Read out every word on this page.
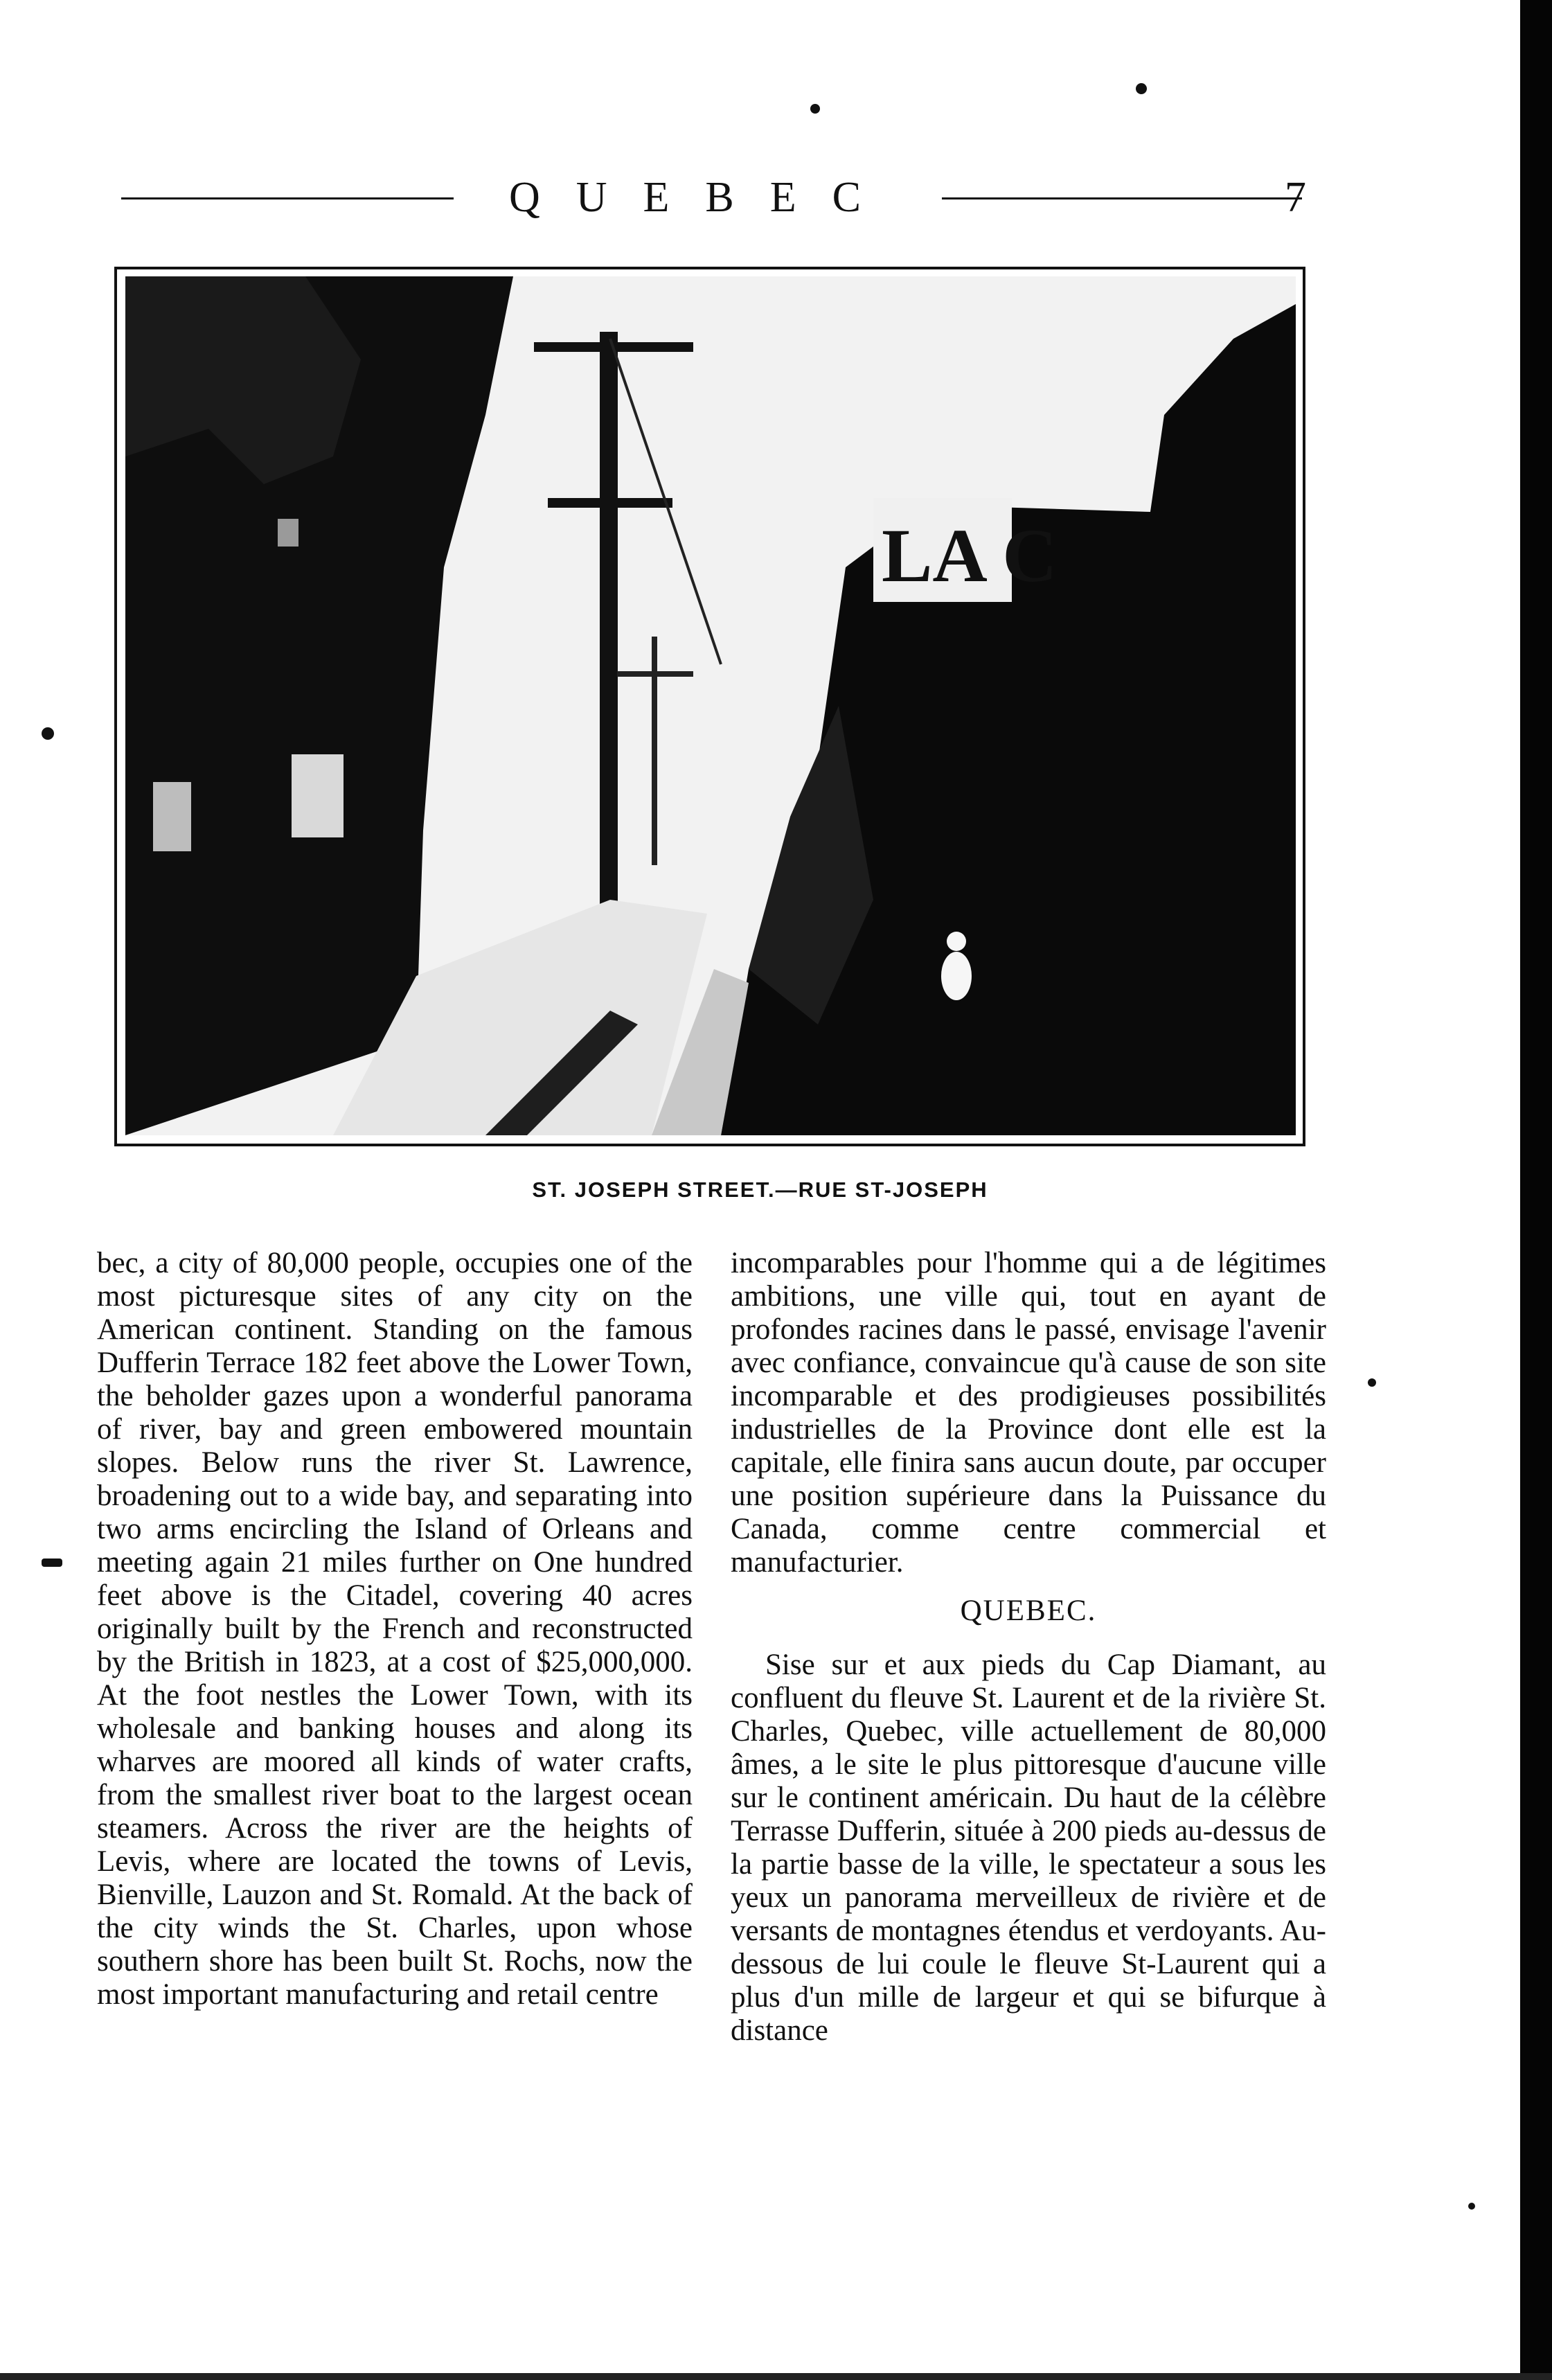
QUEBEC	7
LA C
ST. JOSEPH STREET.—RUE ST-JOSEPH

bec, a city of 80,000 people, occupies one of the most picturesque sites of any city on the American continent. Standing on the famous Dufferin Terrace 182 feet above the Lower Town, the beholder gazes upon a wonderful panorama of river, bay and green embowered mountain slopes. Below runs the river St. Lawrence, broadening out to a wide bay, and separating into two arms encircling the Island of Orleans and meeting again 21 miles further on One hundred feet above is the Citadel, covering 40 acres originally built by the French and reconstructed by the British in 1823, at a cost of $25,000,000. At the foot nestles the Lower Town, with its wholesale and banking houses and along its wharves are moored all kinds of water crafts, from the smallest river boat to the largest ocean steamers. Across the river are the heights of Levis, where are located the towns of Levis, Bienville, Lauzon and St. Romald. At the back of the city winds the St. Charles, upon whose southern shore has been built St. Rochs, now the most important manufacturing and retail centre

incomparables pour l'homme qui a de légitimes ambitions, une ville qui, tout en ayant de profondes racines dans le passé, envisage l'avenir avec confiance, convaincue qu'à cause de son site incomparable et des prodigieuses possibilités industrielles de la Province dont elle est la capitale, elle finira sans aucun doute, par occuper une position supérieure dans la Puissance du Canada, comme centre commercial et manufacturier.

QUEBEC.

Sise sur et aux pieds du Cap Diamant, au confluent du fleuve St. Laurent et de la rivière St. Charles, Quebec, ville actuellement de 80,000 âmes, a le site le plus pittoresque d'aucune ville sur le continent américain. Du haut de la célèbre Terrasse Dufferin, située à 200 pieds au-dessus de la partie basse de la ville, le spectateur a sous les yeux un panorama merveilleux de rivière et de versants de montagnes étendus et verdoyants. Au-dessous de lui coule le fleuve St-Laurent qui a plus d'un mille de largeur et qui se bifurque à distance
